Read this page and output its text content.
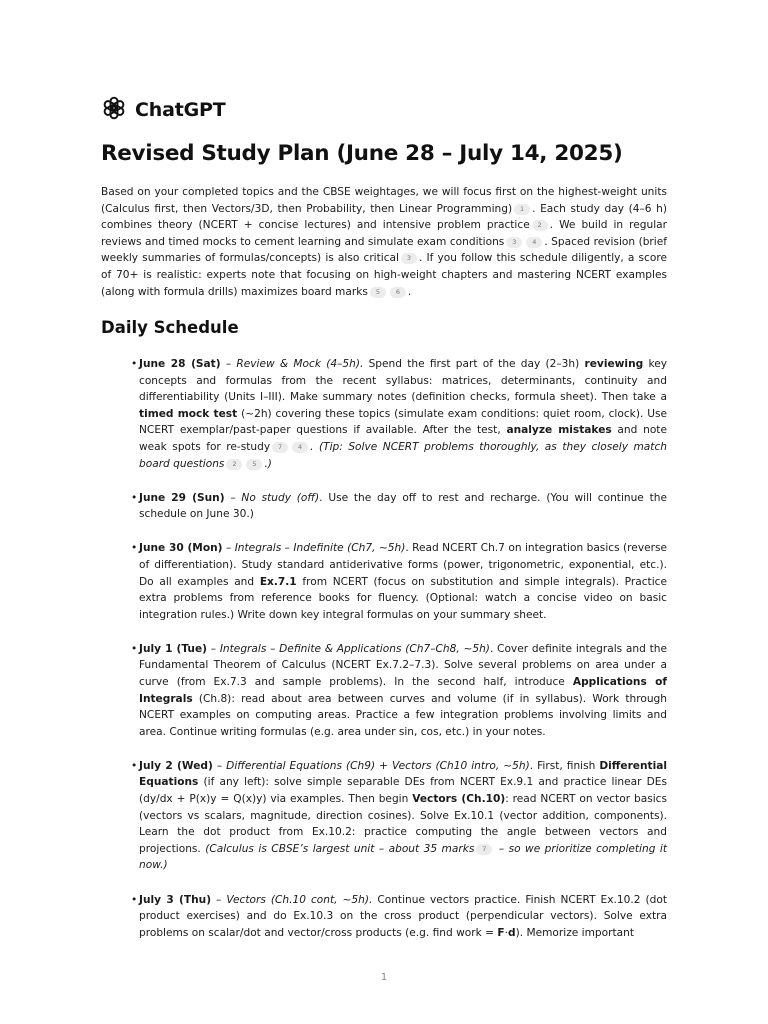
ChatGPT
Revised Study Plan (June 28 – July 14, 2025)

Based on your completed topics and the CBSE weightages, we will focus first on the highest-weight units (Calculus first, then Vectors/3D, then Probability, then Linear Programming) 1 . Each study day (4–6 h) combines theory (NCERT + concise lectures) and intensive problem practice 2 . We build in regular reviews and timed mocks to cement learning and simulate exam conditions 3 4 . Spaced revision (brief weekly summaries of formulas/concepts) is also critical 3 . If you follow this schedule diligently, a score of 70+ is realistic: experts note that focusing on high-weight chapters and mastering NCERT examples (along with formula drills) maximizes board marks 5 6 .

Daily Schedule
• June 28 (Sat) – Review & Mock (4–5h). Spend the first part of the day (2–3h) reviewing key concepts and formulas from the recent syllabus: matrices, determinants, continuity and differentiability (Units I–III). Make summary notes (definition checks, formula sheet). Then take a timed mock test (~2h) covering these topics (simulate exam conditions: quiet room, clock). Use NCERT exemplar/past-paper questions if available. After the test, analyze mistakes and note weak spots for re-study 7 4 . (Tip: Solve NCERT problems thoroughly, as they closely match board questions 2 5 .)
• June 29 (Sun) – No study (off). Use the day off to rest and recharge. (You will continue the schedule on June 30.)
• June 30 (Mon) – Integrals – Indefinite (Ch7, ~5h). Read NCERT Ch.7 on integration basics (reverse of differentiation). Study standard antiderivative forms (power, trigonometric, exponential, etc.). Do all examples and Ex.7.1 from NCERT (focus on substitution and simple integrals). Practice extra problems from reference books for fluency. (Optional: watch a concise video on basic integration rules.) Write down key integral formulas on your summary sheet.
• July 1 (Tue) – Integrals – Definite & Applications (Ch7–Ch8, ~5h). Cover definite integrals and the Fundamental Theorem of Calculus (NCERT Ex.7.2–7.3). Solve several problems on area under a curve (from Ex.7.3 and sample problems). In the second half, introduce Applications of Integrals (Ch.8): read about area between curves and volume (if in syllabus). Work through NCERT examples on computing areas. Practice a few integration problems involving limits and area. Continue writing formulas (e.g. area under sin, cos, etc.) in your notes.
• July 2 (Wed) – Differential Equations (Ch9) + Vectors (Ch10 intro, ~5h). First, finish Differential Equations (if any left): solve simple separable DEs from NCERT Ex.9.1 and practice linear DEs (dy/dx + P(x)y = Q(x)y) via examples. Then begin Vectors (Ch.10): read NCERT on vector basics (vectors vs scalars, magnitude, direction cosines). Solve Ex.10.1 (vector addition, components). Learn the dot product from Ex.10.2: practice computing the angle between vectors and projections. (Calculus is CBSE’s largest unit – about 35 marks 7 – so we prioritize completing it now.)
• July 3 (Thu) – Vectors (Ch.10 cont, ~5h). Continue vectors practice. Finish NCERT Ex.10.2 (dot product exercises) and do Ex.10.3 on the cross product (perpendicular vectors). Solve extra problems on scalar/dot and vector/cross products (e.g. find work = F·d). Memorize important
1
